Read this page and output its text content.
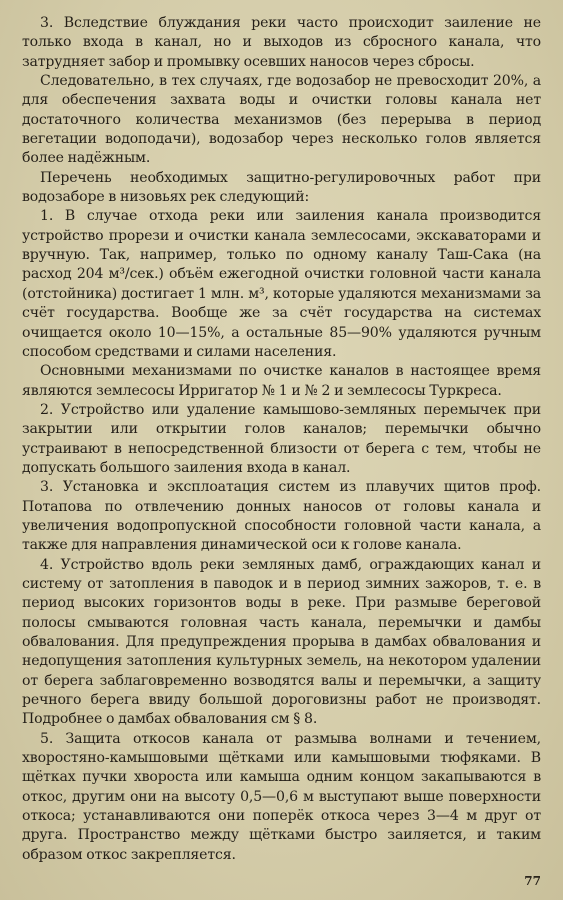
3. Вследствие блуждания реки часто происходит заиление не только входа в канал, но и выходов из сбросного канала, что затрудняет забор и промывку осевших наносов через сбросы.

Следовательно, в тех случаях, где водозабор не превосходит 20%, а для обеспечения захвата воды и очистки головы канала нет достаточного количества механизмов (без перерыва в период вегетации водоподачи), водозабор через несколько голов является более надёжным.

Перечень необходимых защитно-регулировочных работ при водозаборе в низовьях рек следующий:

1. В случае отхода реки или заиления канала производится устройство прорези и очистки канала землесосами, экскаваторами и вручную. Так, например, только по одному каналу Таш-Сака (на расход 204 м³/сек.) объём ежегодной очистки головной части канала (отстойника) достигает 1 млн. м³, которые удаляются механизмами за счёт государства. Вообще же за счёт государства на системах очищается около 10—15%, а остальные 85—90% удаляются ручным способом средствами и силами населения.

Основными механизмами по очистке каналов в настоящее время являются землесосы Ирригатор № 1 и № 2 и землесосы Туркреса.

2. Устройство или удаление камышово-земляных перемычек при закрытии или открытии голов каналов; перемычки обычно устраивают в непосредственной близости от берега с тем, чтобы не допускать большого заиления входа в канал.

3. Установка и эксплоатация систем из плавучих щитов проф. Потапова по отвлечению донных наносов от головы канала и увеличения водопропускной способности головной части канала, а также для направления динамической оси к голове канала.

4. Устройство вдоль реки земляных дамб, ограждающих канал и систему от затопления в паводок и в период зимних зажоров, т. е. в период высоких горизонтов воды в реке. При размыве береговой полосы смываются головная часть канала, перемычки и дамбы обвалования. Для предупреждения прорыва в дамбах обвалования и недопущения затопления культурных земель, на некотором удалении от берега заблаговременно возводятся валы и перемычки, а защиту речного берега ввиду большой дороговизны работ не производят. Подробнее о дамбах обвалования см § 8.

5. Защита откосов канала от размыва волнами и течением, хворостяно-камышовыми щётками или камышовыми тюфяками. В щётках пучки хвороста или камыша одним концом закапываются в откос, другим они на высоту 0,5—0,6 м выступают выше поверхности откоса; устанавливаются они поперёк откоса через 3—4 м друг от друга. Пространство между щётками быстро заиляется, и таким образом откос закрепляется.

77
